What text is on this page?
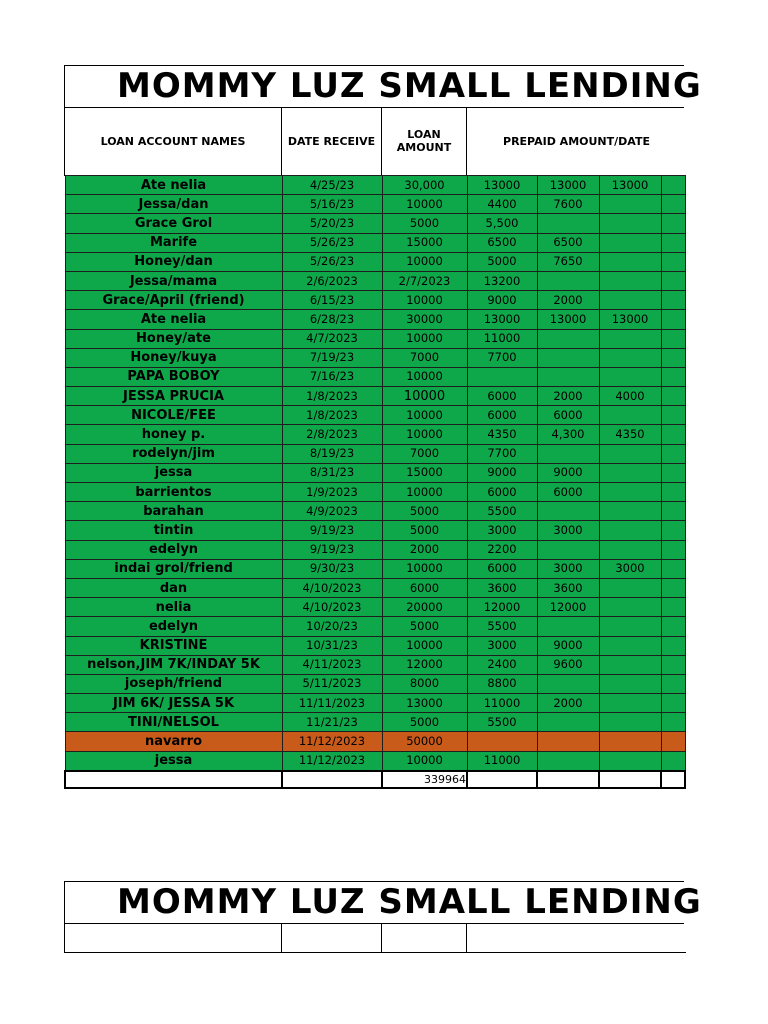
MOMMY LUZ SMALL LENDING
LOAN ACCOUNT NAMES	DATE RECEIVE	LOAN AMOUNT	PREPAID AMOUNT/DATE
Ate nelia	4/25/23	30,000	13000	13000	13000	
Jessa/dan	5/16/23	10000	4400	7600		
Grace Grol	5/20/23	5000	5,500			
Marife	5/26/23	15000	6500	6500		
Honey/dan	5/26/23	10000	5000	7650		
Jessa/mama	2/6/2023	2/7/2023	13200			
Grace/April (friend)	6/15/23	10000	9000	2000		
Ate nelia	6/28/23	30000	13000	13000	13000	
Honey/ate	4/7/2023	10000	11000			
Honey/kuya	7/19/23	7000	7700			
PAPA BOBOY	7/16/23	10000				
JESSA PRUCIA	1/8/2023	10000	6000	2000	4000	
NICOLE/FEE	1/8/2023	10000	6000	6000		
honey p.	2/8/2023	10000	4350	4,300	4350	
rodelyn/jim	8/19/23	7000	7700			
jessa	8/31/23	15000	9000	9000		
barrientos	1/9/2023	10000	6000	6000		
barahan	4/9/2023	5000	5500			
tintin	9/19/23	5000	3000	3000		
edelyn	9/19/23	2000	2200			
indai grol/friend	9/30/23	10000	6000	3000	3000	
dan	4/10/2023	6000	3600	3600		
nelia	4/10/2023	20000	12000	12000		
edelyn	10/20/23	5000	5500			
KRISTINE	10/31/23	10000	3000	9000		
nelson,JIM 7K/INDAY 5K	4/11/2023	12000	2400	9600		
joseph/friend	5/11/2023	8000	8800			
JIM 6K/ JESSA 5K	11/11/2023	13000	11000	2000		
TINI/NELSOL	11/21/23	5000	5500			
navarro	11/12/2023	50000				
jessa	11/12/2023	10000	11000			
		339964				
MOMMY LUZ SMALL LENDING
